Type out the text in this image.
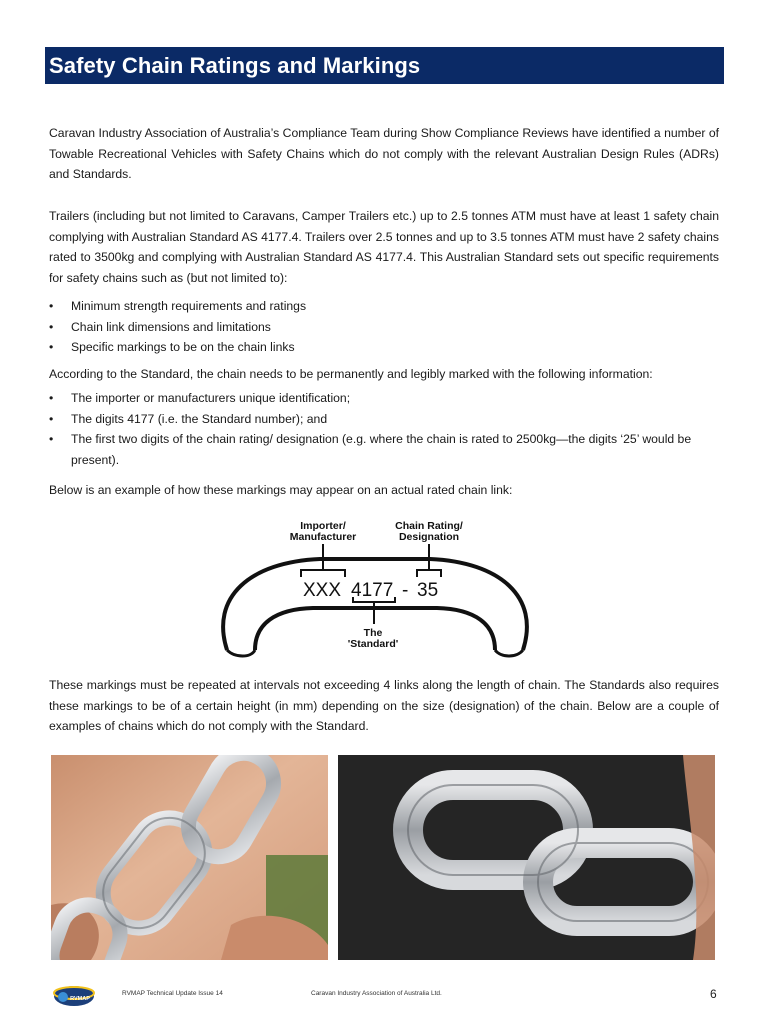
Safety Chain Ratings and Markings

Caravan Industry Association of Australia’s Compliance Team during Show Compliance Reviews have identified a number of Towable Recreational Vehicles with Safety Chains which do not comply with the relevant Australian Design Rules (ADRs) and Standards.

Trailers (including but not limited to Caravans, Camper Trailers etc.) up to 2.5 tonnes ATM must have at least 1 safety chain complying with Australian Standard AS 4177.4. Trailers over 2.5 tonnes and up to 3.5 tonnes ATM must have 2 safety chains rated to 3500kg and complying with Australian Standard AS 4177.4. This Australian Standard sets out specific requirements for safety chains such as (but not limited to):

• Minimum strength requirements and ratings
• Chain link dimensions and limitations
• Specific markings to be on the chain links

According to the Standard, the chain needs to be permanently and legibly marked with the following information:

• The importer or manufacturers unique identification;
• The digits 4177 (i.e. the Standard number); and
• The first two digits of the chain rating/ designation (e.g. where the chain is rated to 2500kg—the digits ‘25’ would be present).

Below is an example of how these markings may appear on an actual rated chain link:

Importer/
Manufacturer
Chain Rating/
Designation
XXX 4177 - 35
The
'Standard'

These markings must be repeated at intervals not exceeding 4 links along the length of chain. The Standards also requires these markings to be of a certain height (in mm) depending on the size (designation) of the chain. Below are a couple of examples of chains which do not comply with the Standard.

RVMAP
RVMAP Technical Update Issue 14	Caravan Industry Association of Australia Ltd.	6
